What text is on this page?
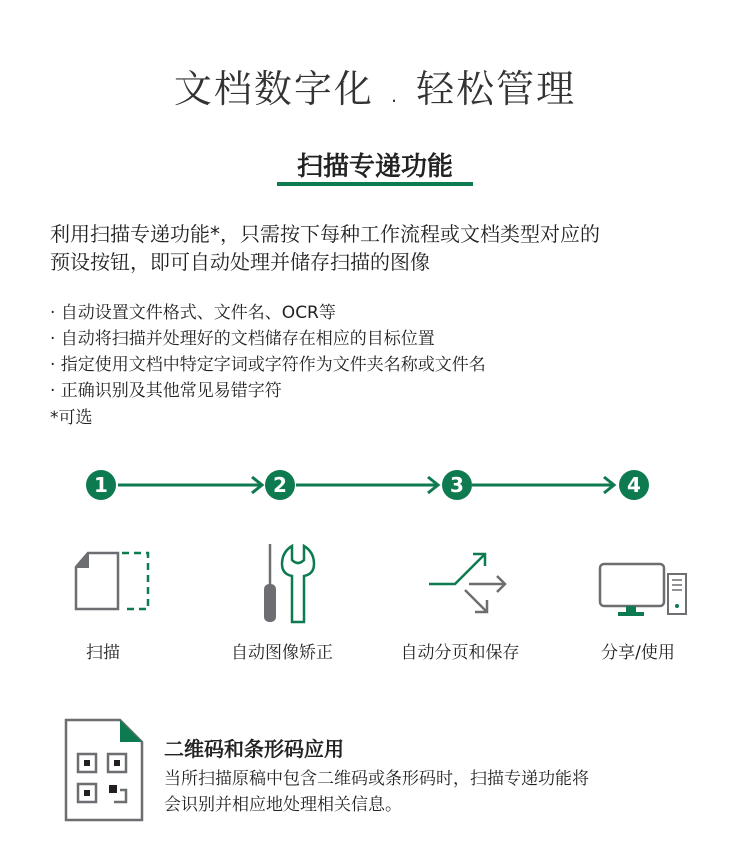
文档数字化 . 轻松管理
扫描专递功能
利用扫描专递功能*，只需按下每种工作流程或文档类型对应的
预设按钮，即可自动处理并储存扫描的图像
· 自动设置文件格式、文件名、OCR等
· 自动将扫描并处理好的文档储存在相应的目标位置
· 指定使用文档中特定字词或字符作为文件夹名称或文件名
· 正确识别及其他常见易错字符
*可选
1	2	3	4
扫描	自动图像矫正	自动分页和保存	分享/使用
二维码和条形码应用
当所扫描原稿中包含二维码或条形码时，扫描专递功能将
会识别并相应地处理相关信息。
